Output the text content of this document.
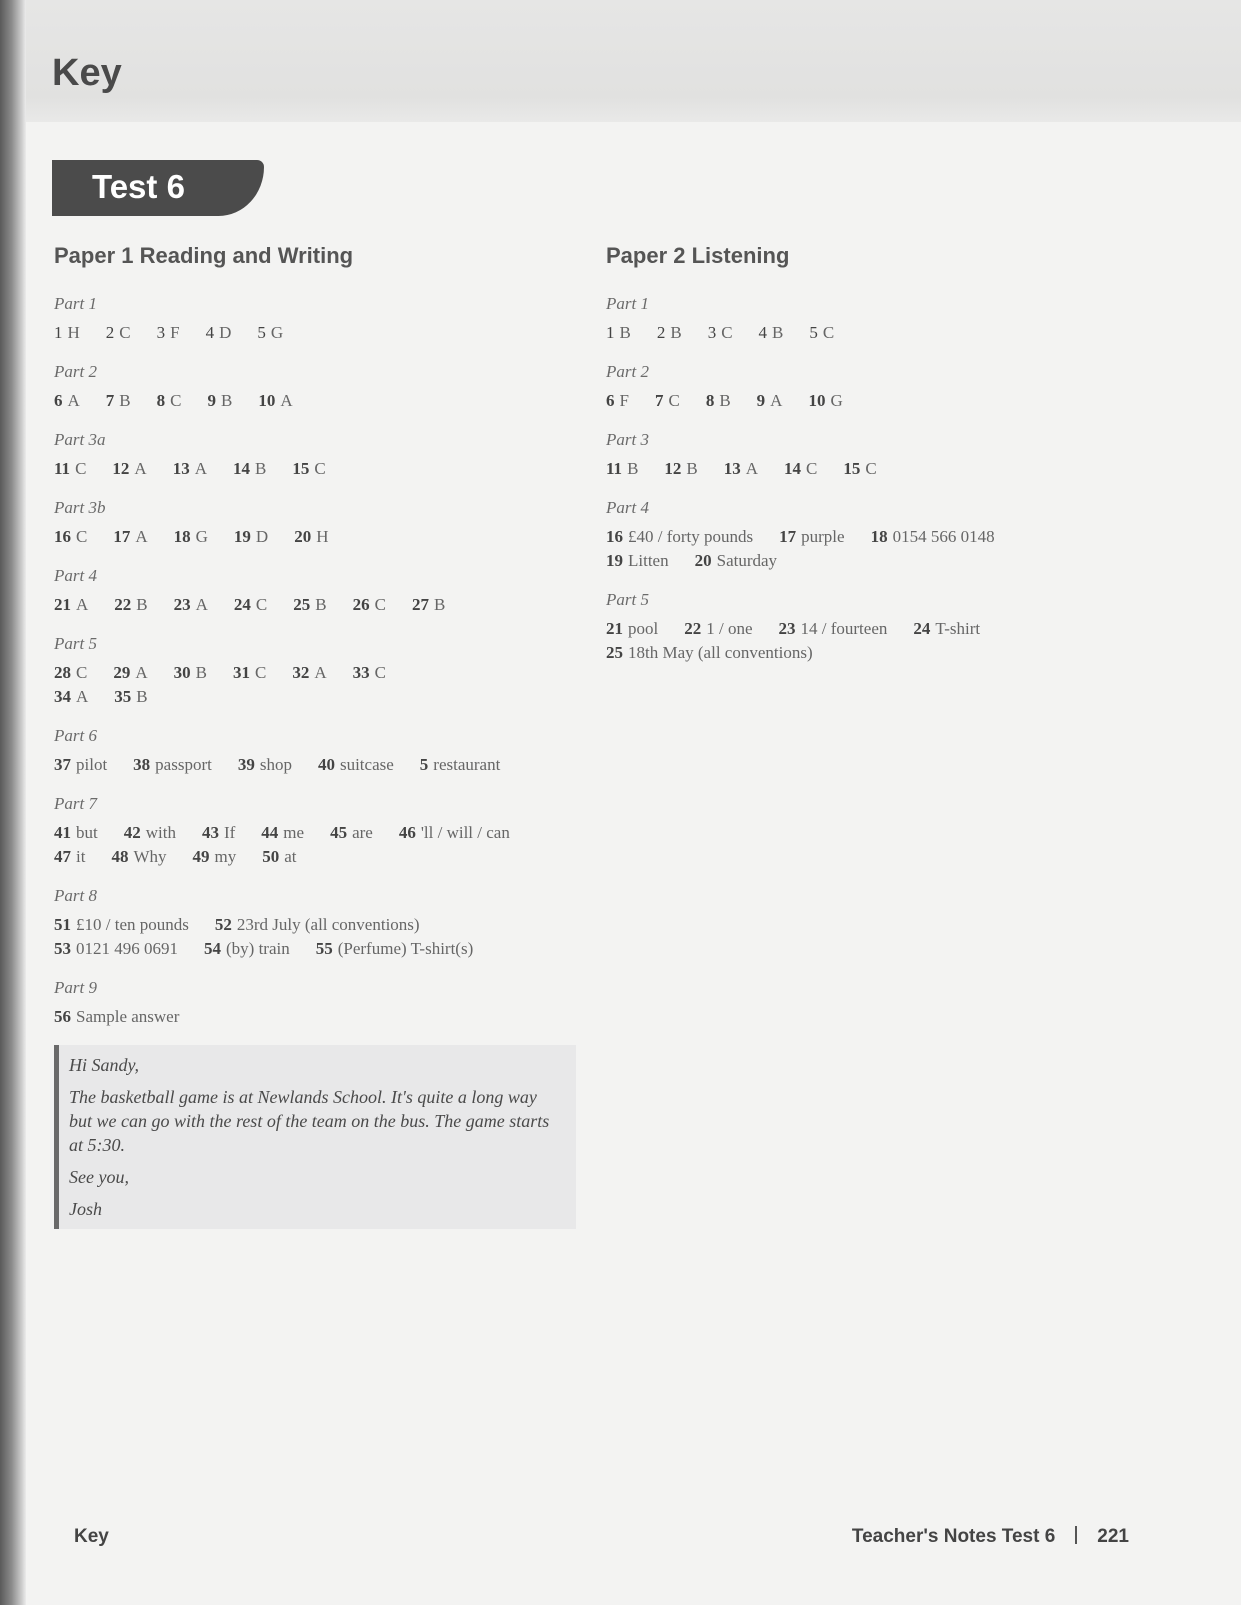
Key
Test 6
Paper 1 Reading and Writing
Part 1
1 H 2 C 3 F 4 D 5 G
Part 2
6 A 7 B 8 C 9 B 10 A
Part 3a
11 C 12 A 13 A 14 B 15 C
Part 3b
16 C 17 A 18 G 19 D 20 H
Part 4
21 A 22 B 23 A 24 C 25 B 26 C 27 B
Part 5
28 C 29 A 30 B 31 C 32 A 33 C
34 A 35 B
Part 6
37 pilot 38 passport 39 shop 40 suitcase 5 restaurant
Part 7
41 but 42 with 43 If 44 me 45 are 46 'll / will / can
47 it 48 Why 49 my 50 at
Part 8
51 £10 / ten pounds 52 23rd July (all conventions)
53 0121 496 0691 54 (by) train 55 (Perfume) T-shirt(s)
Part 9
56 Sample answer

Hi Sandy,

The basketball game is at Newlands School. It's quite a long way but we can go with the rest of the team on the bus. The game starts at 5:30.

See you,

Josh

Paper 2 Listening
Part 1
1 B 2 B 3 C 4 B 5 C
Part 2
6 F 7 C 8 B 9 A 10 G
Part 3
11 B 12 B 13 A 14 C 15 C
Part 4
16 £40 / forty pounds 17 purple 18 0154 566 0148
19 Litten 20 Saturday
Part 5
21 pool 22 1 / one 23 14 / fourteen 24 T-shirt
25 18th May (all conventions)
Key	Teacher's Notes Test 6 221
